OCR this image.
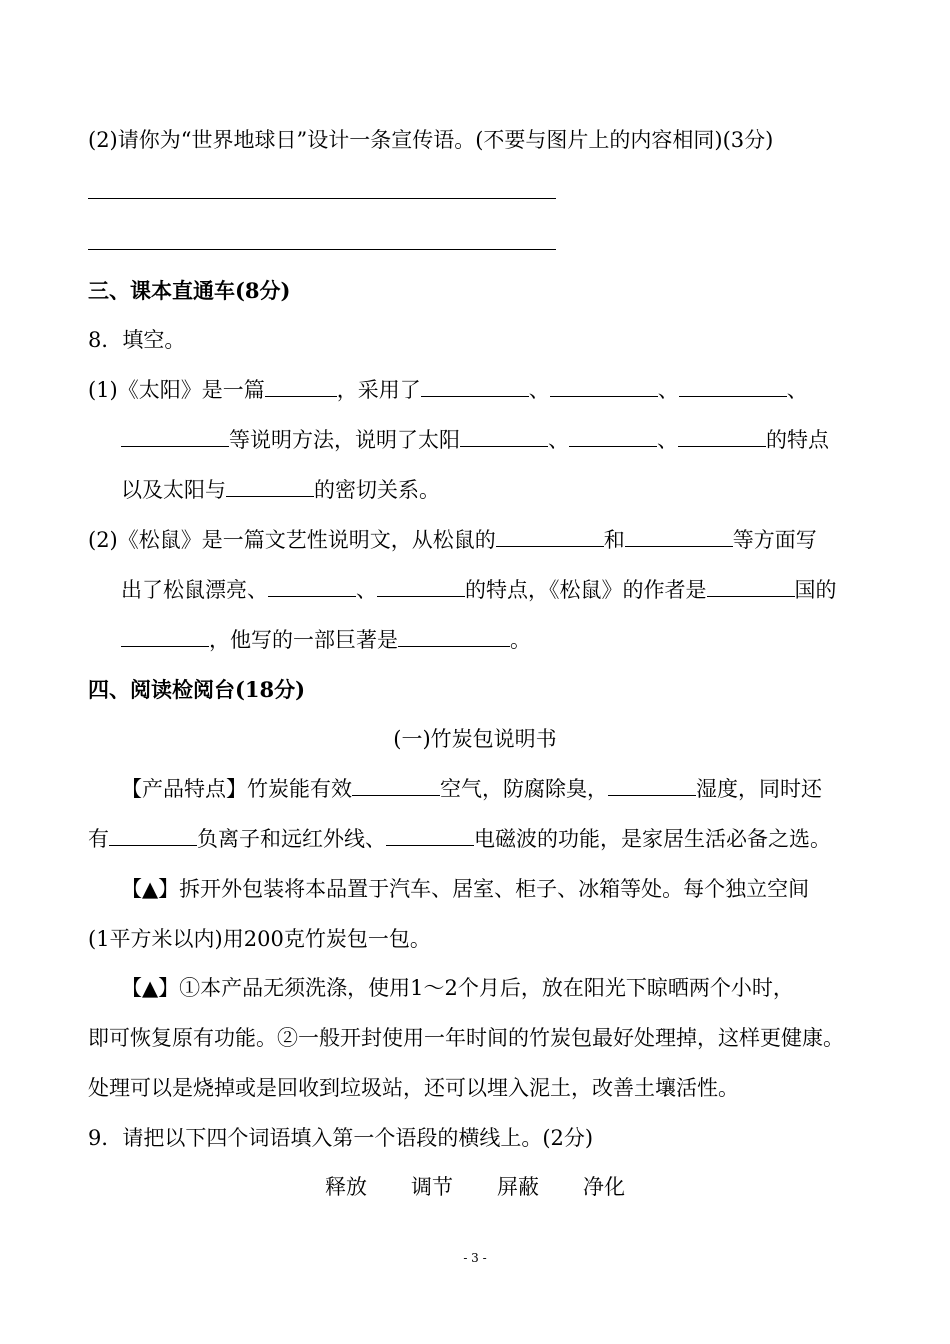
(2)请你为“世界地球日”设计一条宣传语。(不要与图片上的内容相同)(3分)
三、课本直通车(8分)
8．填空。
(1)《太阳》是一篇	，采用了	、	、	、
等说明方法，说明了太阳	、	、	的特点
以及太阳与	的密切关系。
(2)《松鼠》是一篇文艺性说明文，从松鼠的	和	等方面写
出了松鼠漂亮、	、	的特点，《松鼠》的作者是	国的
，他写的一部巨著是	。
四、阅读检阅台(18分)
(一)竹炭包说明书
【产品特点】竹炭能有效	空气，防腐除臭，	湿度，同时还
有	负离子和远红外线、	电磁波的功能，是家居生活必备之选。
【▲】拆开外包装将本品置于汽车、居室、柜子、冰箱等处。每个独立空间
(1平方米以内)用200克竹炭包一包。
【▲】①本产品无须洗涤，使用1～2个月后，放在阳光下晾晒两个小时，
即可恢复原有功能。②一般开封使用一年时间的竹炭包最好处理掉，这样更健康。
处理可以是烧掉或是回收到垃圾站，还可以埋入泥土，改善土壤活性。
9．请把以下四个词语填入第一个语段的横线上。(2分)
释放 调节 屏蔽 净化
- 3 -
